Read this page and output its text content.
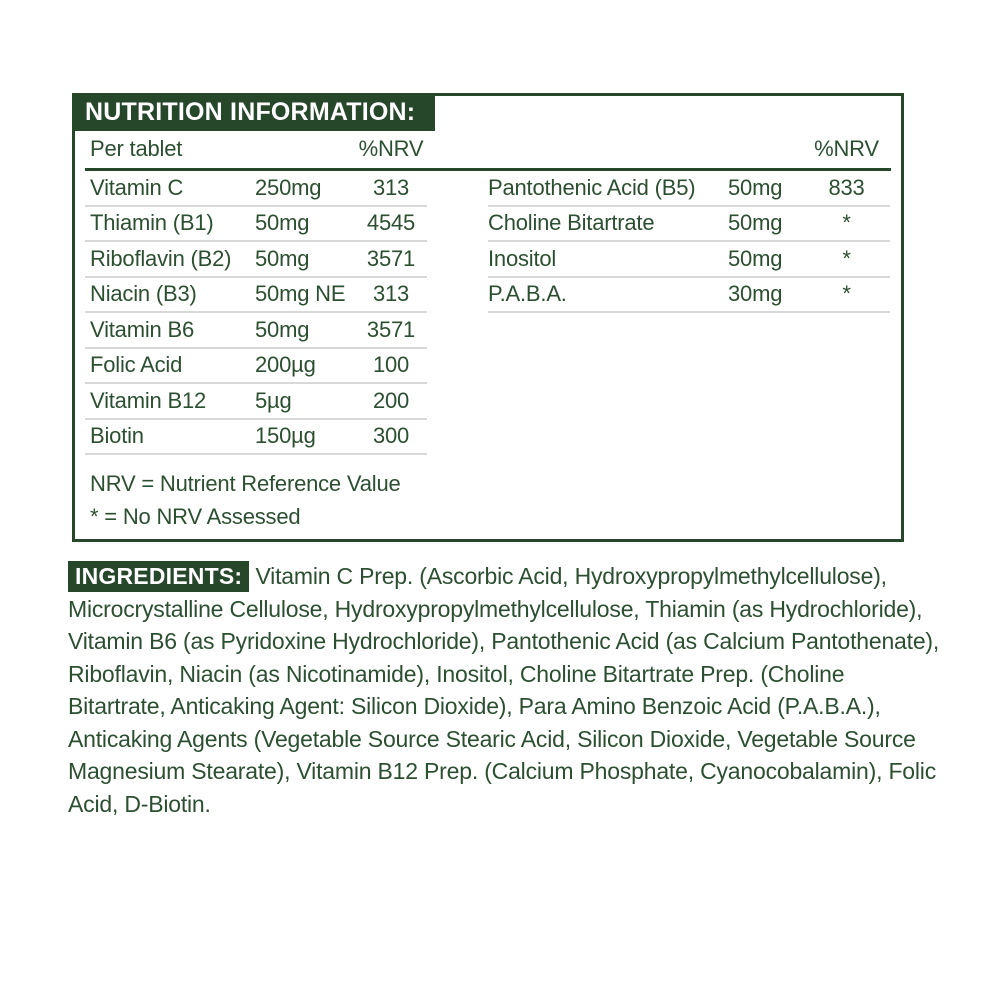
NUTRITION INFORMATION:
Per tablet	%NRV	%NRV
Vitamin C	250mg	313
Thiamin (B1)	50mg	4545
Riboflavin (B2)	50mg	3571
Niacin (B3)	50mg NE	313
Vitamin B6	50mg	3571
Folic Acid	200µg	100
Vitamin B12	5µg	200
Biotin	150µg	300
Pantothenic Acid (B5)	50mg	833
Choline Bitartrate	50mg	*
Inositol	50mg	*
P.A.B.A.	30mg	*
NRV = Nutrient Reference Value
* = No NRV Assessed
INGREDIENTS: Vitamin C Prep. (Ascorbic Acid, Hydroxypropylmethylcellulose), Microcrystalline Cellulose, Hydroxypropylmethylcellulose, Thiamin (as Hydrochloride), Vitamin B6 (as Pyridoxine Hydrochloride), Pantothenic Acid (as Calcium Pantothenate), Riboflavin, Niacin (as Nicotinamide), Inositol, Choline Bitartrate Prep. (Choline Bitartrate, Anticaking Agent: Silicon Dioxide), Para Amino Benzoic Acid (P.A.B.A.), Anticaking Agents (Vegetable Source Stearic Acid, Silicon Dioxide, Vegetable Source Magnesium Stearate), Vitamin B12 Prep. (Calcium Phosphate, Cyanocobalamin), Folic Acid, D-Biotin.
